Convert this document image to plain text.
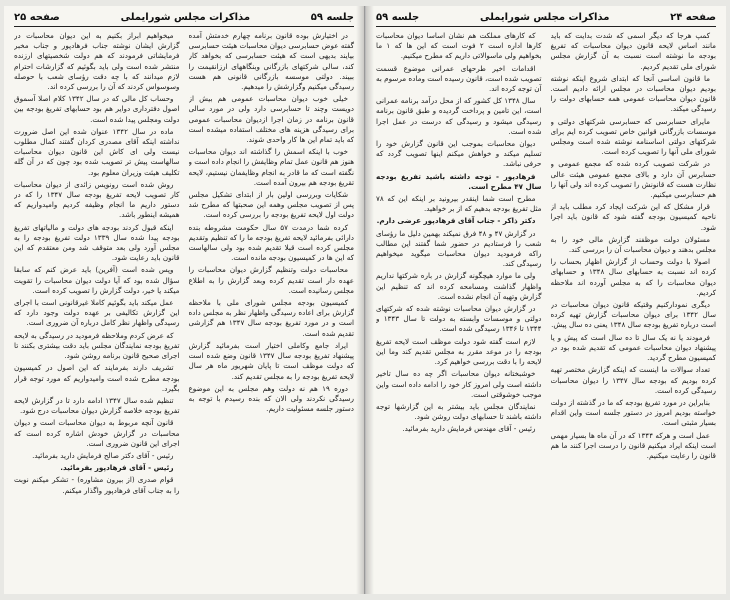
جلسه ۵۹
مذاکرات مجلس شورایملی
صفحه ۲۵

در اختیارش بوده قانون برنامه چهارم خدمتش آمده گفته عوض حسابرسی دیوان محاسبات هیئت حسابرسی بیایند بدیهی است که هیئت حسابرسی که بخواهد کار کند، سالی شرکتهای بازرگانی وبنگاههای ارزانقیمت را ببیند. دولتی موسسه بازرگانی قانونی هم هست رسیدگی میکنیم وگزارشش را میدهیم.

خیلی خوب دیوان محاسبات عمومی هم بیش از دویست وچند تا حسابرسی دارد ولی در مورد سالی قانون برنامه در زمان اجرا ازدیوان محاسبات عمومی برای رسیدگی هزینه های مختلف استفاده میشده است که باید تمام این ها کار واحدی شوند.

خوب با اینکه اسمش را گذاشته اند دیوان محاسبات هنوز هم قانون عمل تمام وظایفش را انجام داده است و نگفته است که ما قادر به انجام وظایفمان نیستیم، لایحه تقریغ بودجه هم بیرون آمده است.

شکایات وبررسی اولین بار از ابتدای تشکیل مجلس پس از تصویب مجلس وهمه این صحبتها که مطرح شد دولت اول لایحه تفریغ بودجه را بررسی کرده است.

کرده شما درمدت ۵۷ سال حکومت مشروطه بنده دارائی بفرمائید لایحه تفریغ بودجه ما را که تنظیم وتقدیم مجلس کرده است قبلا تقدیم شده بود ولی سالهاست که این ها در کمیسیون بودجه مانده است.

محاسبات دولت وتنظیم گزارش دیوان محاسبات را عهده دار است تقدیم کرده وبعد گزارش را به اطلاع مجلس رسانیده است.

کمیسیون بودجه مجلس شورای ملی با ملاحظه گزارش برای اعاده رسیدگی واظهار نظر به مجلس داده است و در مورد تفریغ بودجه سال ۱۳۴۷ هم گزارشی تقدیم شده است.

ایراد جامع وکاملی اختیار است بفرمائید گزارش پیشنهاد تفریغ بودجه سال ۱۳۴۷ قانون وضع شده است که دولت موظف است تا پایان شهریور ماه هر سال لایحه تفریغ بودجه را به مجلس تقدیم کند.

دوره ۱۹ هم نه دولت وهم مجلس به این موضوع رسیدگی نکردند ولی الان که بنده رسیدم با توجه به دستور جلسه مسئولیت داریم.

میخواهیم ابراز بکنیم به این دیوان محاسبات در گزارش ایشان نوشته جناب فرهادپور و جناب مخبر فرمایشاتی فرمودند که هم دولت شخصیتهای ارزنده منتشر شده است ولی باید بگوئیم که گزارشات احترام لازم میدانند که با چه دقت رؤسای شعب با حوصله وسوسواس کردند که آن را بررسی کرده اند.

وحساب کل مالی که در سال ۱۳۴۲ کلام اصلا آسموق اصول دفترداری دوایر هم بود حسابهای تفریغ بودجه بین دولت ومجلس پیدا شده است.

ماده در سال ۱۳۴۲ عنوان شده این اصل ضرورت نداشته اینکه آقای مصدری کردان گفتند کمال مطلوب نیست ولی ای کاش این قانون دیوان محاسبات سالهاست پیش تر تصویب شده بود چون که در آن گله تکلیف هیئت وزیران معلوم بود.

روش شده است رونویس زائدی از دیوان محاسبات کار تصویب لایحه تفریغ بودجه سال ۱۳۴۷ را که در دستور داریم ما انجام وظیفه کردیم وامیدواریم که همیشه اینطور باشد.

اینکه قبول کردند بودجه های دولت و مالیاتهای تفریغ بودجه پیدا شده سال ۱۳۳۹ دولت تفریغ بودجه را به مجلس آورد ولی بعد متوقف شد ومن معتقدم که این قانون باید رعایت شود.

وپس شده است (آفرین) باید عرض کنم که سابقا سؤال شده بود که آیا دولت دیوان محاسبات را تقویت میکند یا خیر، دولت گزارش را تصویب کرده است.

عمل میکند باید بگوئیم کاملا غیرقانونی است با اجرای این گزارش تکالیفی بر عهده دولت وجود دارد که رسیدگی واظهار نظر کامل درباره آن ضروری است.

که عرض کردم وملاحظه فرمودید در رسیدگی به لایحه تفریغ بودجه نمایندگان مجلس باید دقت بیشتری بکنند تا اجرای صحیح قانون برنامه روشن شود.

تشریف دارند بفرمایند که این اصول در کمیسیون بودجه مطرح شده است وامیدواریم که مورد توجه قرار بگیرد.

تنظیم شده سال ۱۳۴۷ ادامه دارد تا در گزارش لایحه تفریغ بودجه خلاصه گزارش دیوان محاسبات درج شود.

قانون آنچه مربوط به دیوان محاسبات است و دیوان محاسبات در گزارش خودش اشاره کرده است که اجرای این قانون ضروری است.

رئیس - آقای دکتر صالح فرمایش دارید بفرمائید.

رئیس - آقای فرهادپور بفرمائید.

قوام صدری (از بیرون مشاوره) - تشکر میکنم نوبت را به جناب آقای فرهادپور واگذار میکنم.

صفحه ۲۴
مذاکرات مجلس شورایملی
جلسه ۵۹

کمپ هرجا که دیگر اسمی که شدت بدایت که باید مانند اساس لایحه قانون دیوان محاسبات که تفریغ بودجه ما نوشته است نسبت به آن گزارش مجلس شورای ملی تقدیم کردیم.

ما قانون اساسی آنجا که ابتدای شروع اینکه نوشته بودیم دیوان محاسبات در مجلس ارائه دادیم است. قانون دیوان محاسبات عمومی همه حسابهای دولت را رسیدگی میکند.

مایرای حسابرسی که حسابرسی شرکتهای دولتی و موسسات بازرگانی قوانین خاص تصویب کرده ایم برای شرکتهای دولتی اساسنامه نوشته شده است ومجلس شورای ملی آنها را تصویب کرده است.

در شرکت تصویب کرده شده که مجمع عمومی و حسابرس آن دارد و بالای مجمع عمومی هیئت عالی نظارت هست که قانونش را تصویب کرده اند ولی آنها را هم حسابرسی میکنیم.

قرار مشکل که این شرکت ایجاد کرد مطلب باید از ناحیه کمیسیون بودجه گفته شود که قانون باید اجرا شود.

مسئولان دولت موظفند گزارش مالی خود را به مجلس بدهند و دیوان محاسبات آن را بررسی کند.

اصولا با دولت وحساب از گزارش اظهار بحساب را کرده اند نسبت به حسابهای سال ۱۳۴۸ و حسابهای دیوان محاسبات را که به مجلس آورده اند ملاحظه کردیم.

دیگری نمودارکنیم وقتیکه قانون دیوان محاسبات در سال ۱۳۴۲ برای دیوان محاسبات گزارش تهیه کرده است درباره تفریغ بودجه سال ۱۳۴۸ یعنی ده سال پیش.

فرمودند یا نه یک سال تا ده سال است که پیش و یا پیشنهاد دیوان محاسبات عمومی که تقدیم شده بود در کمیسیون مطرح گردید.

تعداد سوالات ما اینست که اینکه گزارش مختصر تهیه کرده بودیم که بودجه سال ۱۳۴۷ را دیوان محاسبات رسیدگی کرده است.

بنابراین در مورد تفریغ بودجه که ما در گذشته از دولت خواسته بودیم امروز در دستور جلسه است واین اقدام بسیار مثبتی است.

عمل است و هرکه ۱۳۴۴ که در آن ماه ها بسیار مهمی است اینکه ایراد میکنیم قانون را درست اجرا کنند ما هم قانون را رعایت میکنیم.

که کارهای مملکت هم نشان اساسا دیوان محاسبات کارها اداره است ۲ فوت است که این ها که ۱ ما بخواهیم ولی ماسوالاتی داریم که مطرح میکنیم.

اقدامات اخیر طرحهای عمرانی موضوع قسمت تصویب شده است، قانون رسیده است وماده مرسوم به آن توجه کرده اند.

سال ۱۳۴۸ کل کشور که از محل درآمد برنامه عمرانی است، این تامین و پرداخت گردیده و طبق قانون برنامه رسیدگی میشود و رسیدگی که درست در عمل اجرا شده است.

دیوان محاسبات بموجب این قانون گزارش خود را تسلیم میکند و خواهش میکنم اینها تصویب گردد که حرفی نباشد.

فرهادپور - توجه داشته باشید تفریغ بودجه سال ۴۷ مطرح است.

مطرح است شما اینقدر بیرونید بر اینکه این که ۷۸ مثل تفریغ بودجه بدهیم که از بر خواهید.

دکتر ذاکر - جناب آقای فرهادپور عرضی دارم.

در گزارش ۴۷ و ۴۸ فرق نمیکند بهمین دلیل ما رؤسای شعب را فرستادیم در حضور شما گفتند این مطالب راکه فرمودید دیوان محاسبات میگوید میخواهیم رسیدگی کند.

ولی ما موارد هیچگونه گزارش در باره شرکتها نداریم واظهار گذاشت ومسامحه کرده اند که تنظیم این گزارش وتهیه آن انجام نشده است.

در گزارش دیوان محاسبات نوشته شده که شرکتهای دولتی و موسسات وابسته به دولت تا سال ۱۳۴۳ و ۱۳۴۴ تا ۱۳۴۶ رسیدگی شده است.

لازم است گفته شود دولت موظف است لایحه تفریغ بودجه را در موعد مقرر به مجلس تقدیم کند وما این لایحه را با دقت بررسی خواهیم کرد.

خوشبختانه دیوان محاسبات اگر چه ده سال تاخیر داشته است ولی امروز کار خود را ادامه داده است واین موجب خوشوقتی است.

نمایندگان مجلس باید بیشتر به این گزارشها توجه داشته باشند تا حسابهای دولت روشن شود.

رئیس - آقای مهندس فرمایش دارید بفرمائید.
